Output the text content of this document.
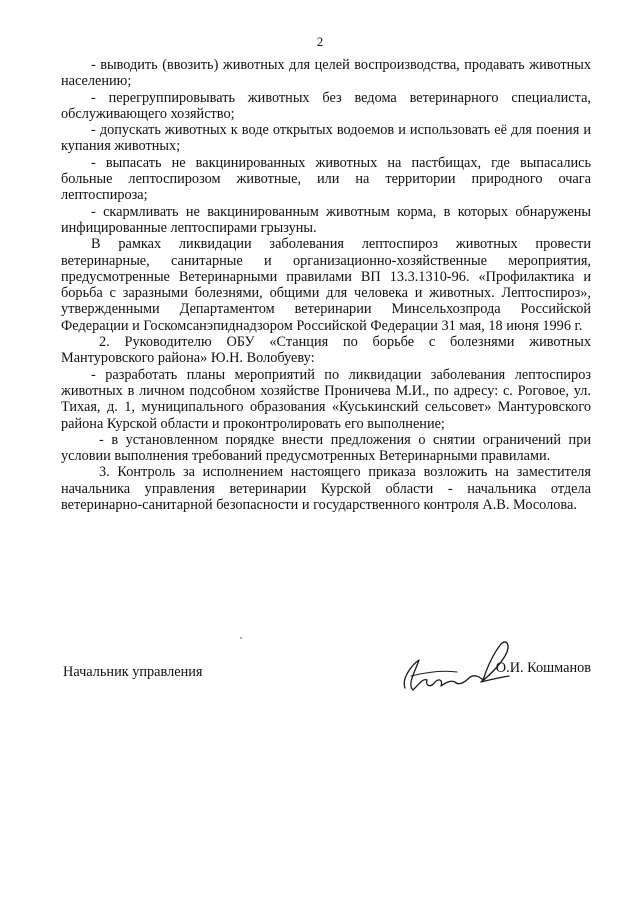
2

- выводить (ввозить) животных для целей воспроизводства, продавать животных населению;

- перегруппировывать животных без ведома ветеринарного специалиста, обслуживающего хозяйство;

- допускать животных к воде открытых водоемов и использовать её для поения и купания животных;

- выпасать не вакцинированных животных на пастбищах, где выпасались больные лептоспирозом животные, или на территории природного очага лептоспироза;

- скармливать не вакцинированным животным корма, в которых обнаружены инфицированные лептоспирами грызуны.

В рамках ликвидации заболевания лептоспироз животных провести ветеринарные, санитарные и организационно-хозяйственные мероприятия, предусмотренные Ветеринарными правилами ВП 13.3.1310-96. «Профилактика и борьба с заразными болезнями, общими для человека и животных. Лептоспироз», утвержденными Департаментом ветеринарии Минсельхозпрода Российской Федерации и Госкомсанэпиднадзором Российской Федерации 31 мая, 18 июня 1996 г.

2. Руководителю ОБУ «Станция по борьбе с болезнями животных Мантуровского района» Ю.Н. Волобуеву:

- разработать планы мероприятий по ликвидации заболевания лептоспироз животных в личном подсобном хозяйстве Проничева М.И., по адресу: с. Роговое, ул. Тихая, д. 1, муниципального образования «Куськинский сельсовет» Мантуровского района Курской области и проконтролировать его выполнение;

- в установленном порядке внести предложения о снятии ограничений при условии выполнения требований предусмотренных Ветеринарными правилами.

3. Контроль за исполнением настоящего приказа возложить на заместителя начальника управления ветеринарии Курской области - начальника отдела ветеринарно-санитарной безопасности и государственного контроля А.В. Мосолова.

Начальник управления	О.И. Кошманов
